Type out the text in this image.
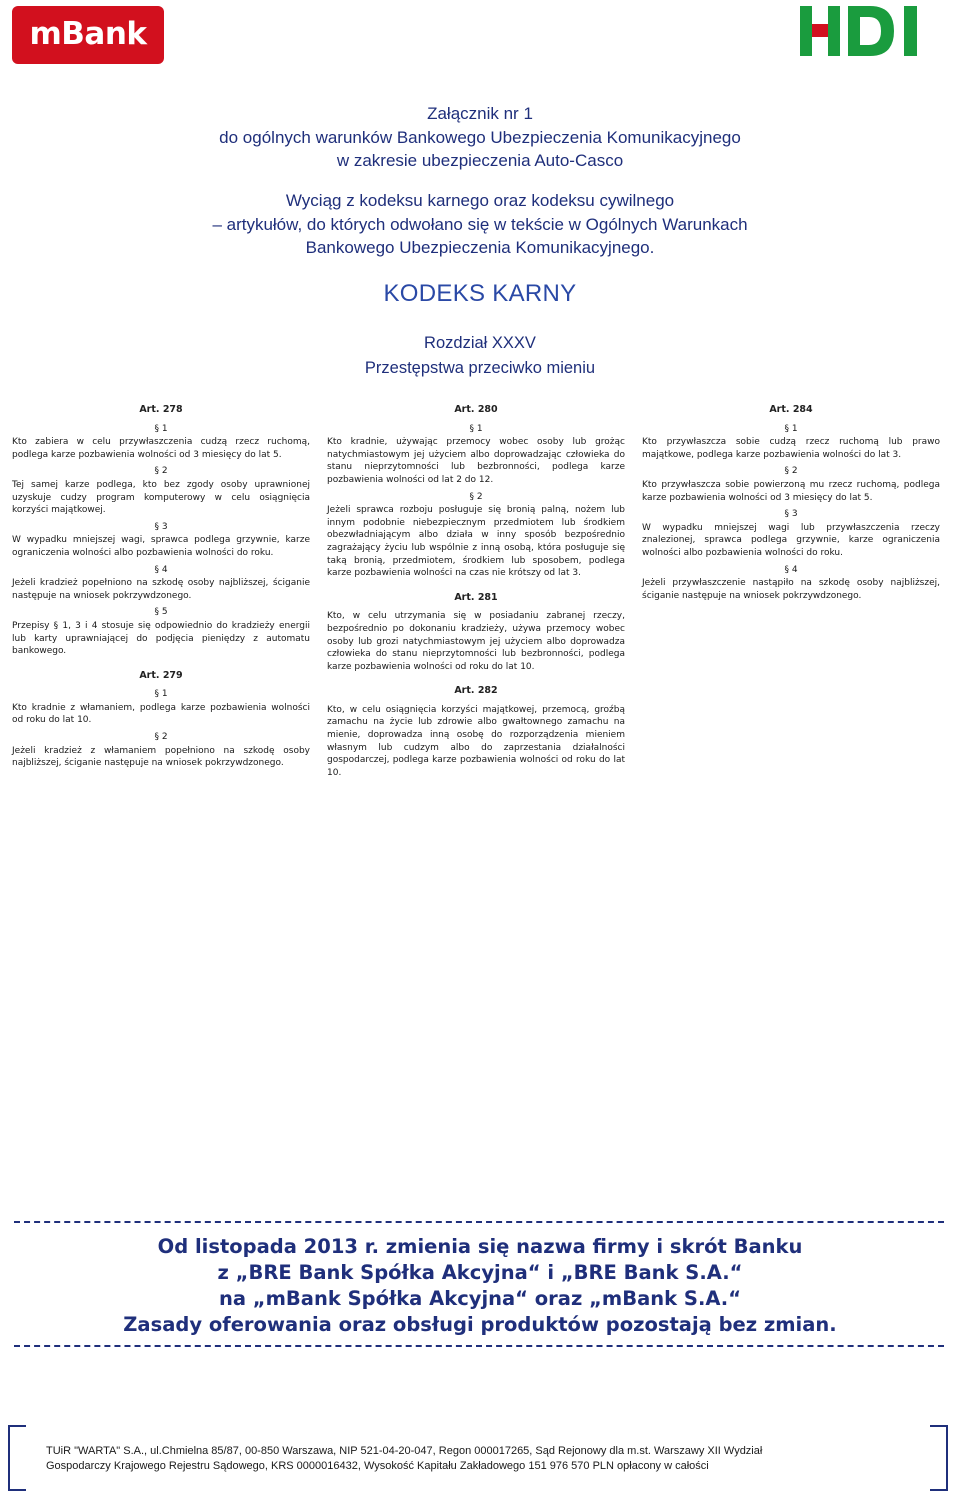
mBank
Załącznik nr 1
do ogólnych warunków Bankowego Ubezpieczenia Komunikacyjnego
w zakresie ubezpieczenia Auto-Casco
Wyciąg z kodeksu karnego oraz kodeksu cywilnego
– artykułów, do których odwołano się w tekście w Ogólnych Warunkach
Bankowego Ubezpieczenia Komunikacyjnego.
KODEKS KARNY
Rozdział XXXV
Przestępstwa przeciwko mieniu
Art. 278
§ 1
Kto zabiera w celu przywłaszczenia cudzą rzecz ruchomą, podlega karze pozbawienia wolności od 3 miesięcy do lat 5.
§ 2
Tej samej karze podlega, kto bez zgody osoby uprawnionej uzyskuje cudzy program komputerowy w celu osiągnięcia korzyści majątkowej.
§ 3
W wypadku mniejszej wagi, sprawca podlega grzywnie, karze ograniczenia wolności albo pozbawienia wolności do roku.
§ 4
Jeżeli kradzież popełniono na szkodę osoby najbliższej, ściganie następuje na wniosek pokrzywdzonego.
§ 5
Przepisy § 1, 3 i 4 stosuje się odpowiednio do kradzieży energii lub karty uprawniającej do podjęcia pieniędzy z automatu bankowego.
Art. 279
§ 1
Kto kradnie z włamaniem, podlega karze pozbawienia wolności od roku do lat 10.
§ 2
Jeżeli kradzież z włamaniem popełniono na szkodę osoby najbliższej, ściganie następuje na wniosek pokrzywdzonego.
Art. 280
§ 1
Kto kradnie, używając przemocy wobec osoby lub grożąc natychmiastowym jej użyciem albo doprowadzając człowieka do stanu nieprzytomności lub bezbronności, podlega karze pozbawienia wolności od lat 2 do 12.
§ 2
Jeżeli sprawca rozboju posługuje się bronią palną, nożem lub innym podobnie niebezpiecznym przedmiotem lub środkiem obezwładniającym albo działa w inny sposób bezpośrednio zagrażający życiu lub wspólnie z inną osobą, która posługuje się taką bronią, przedmiotem, środkiem lub sposobem, podlega karze pozbawienia wolności na czas nie krótszy od lat 3.
Art. 281
Kto, w celu utrzymania się w posiadaniu zabranej rzeczy, bezpośrednio po dokonaniu kradzieży, używa przemocy wobec osoby lub grozi natychmiastowym jej użyciem albo doprowadza człowieka do stanu nieprzytomności lub bezbronności, podlega karze pozbawienia wolności od roku do lat 10.
Art. 282
Kto, w celu osiągnięcia korzyści majątkowej, przemocą, groźbą zamachu na życie lub zdrowie albo gwałtownego zamachu na mienie, doprowadza inną osobę do rozporządzenia mieniem własnym lub cudzym albo do zaprzestania działalności gospodarczej, podlega karze pozbawienia wolności od roku do lat 10.
Art. 284
§ 1
Kto przywłaszcza sobie cudzą rzecz ruchomą lub prawo majątkowe, podlega karze pozbawienia wolności do lat 3.
§ 2
Kto przywłaszcza sobie powierzoną mu rzecz ruchomą, podlega karze pozbawienia wolności od 3 miesięcy do lat 5.
§ 3
W wypadku mniejszej wagi lub przywłaszczenia rzeczy znalezionej, sprawca podlega grzywnie, karze ograniczenia wolności albo pozbawienia wolności do roku.
§ 4
Jeżeli przywłaszczenie nastąpiło na szkodę osoby najbliższej, ściganie następuje na wniosek pokrzywdzonego.
Od listopada 2013 r. zmienia się nazwa firmy i skrót Banku
z „BRE Bank Spółka Akcyjna“ i „BRE Bank S.A.“
na „mBank Spółka Akcyjna“ oraz „mBank S.A.“
Zasady oferowania oraz obsługi produktów pozostają bez zmian.
TUiR "WARTA" S.A., ul.Chmielna 85/87, 00-850 Warszawa, NIP 521-04-20-047, Regon 000017265, Sąd Rejonowy dla m.st. Warszawy XII Wydział
Gospodarczy Krajowego Rejestru Sądowego, KRS 0000016432, Wysokość Kapitału Zakładowego 151 976 570 PLN opłacony w całości
